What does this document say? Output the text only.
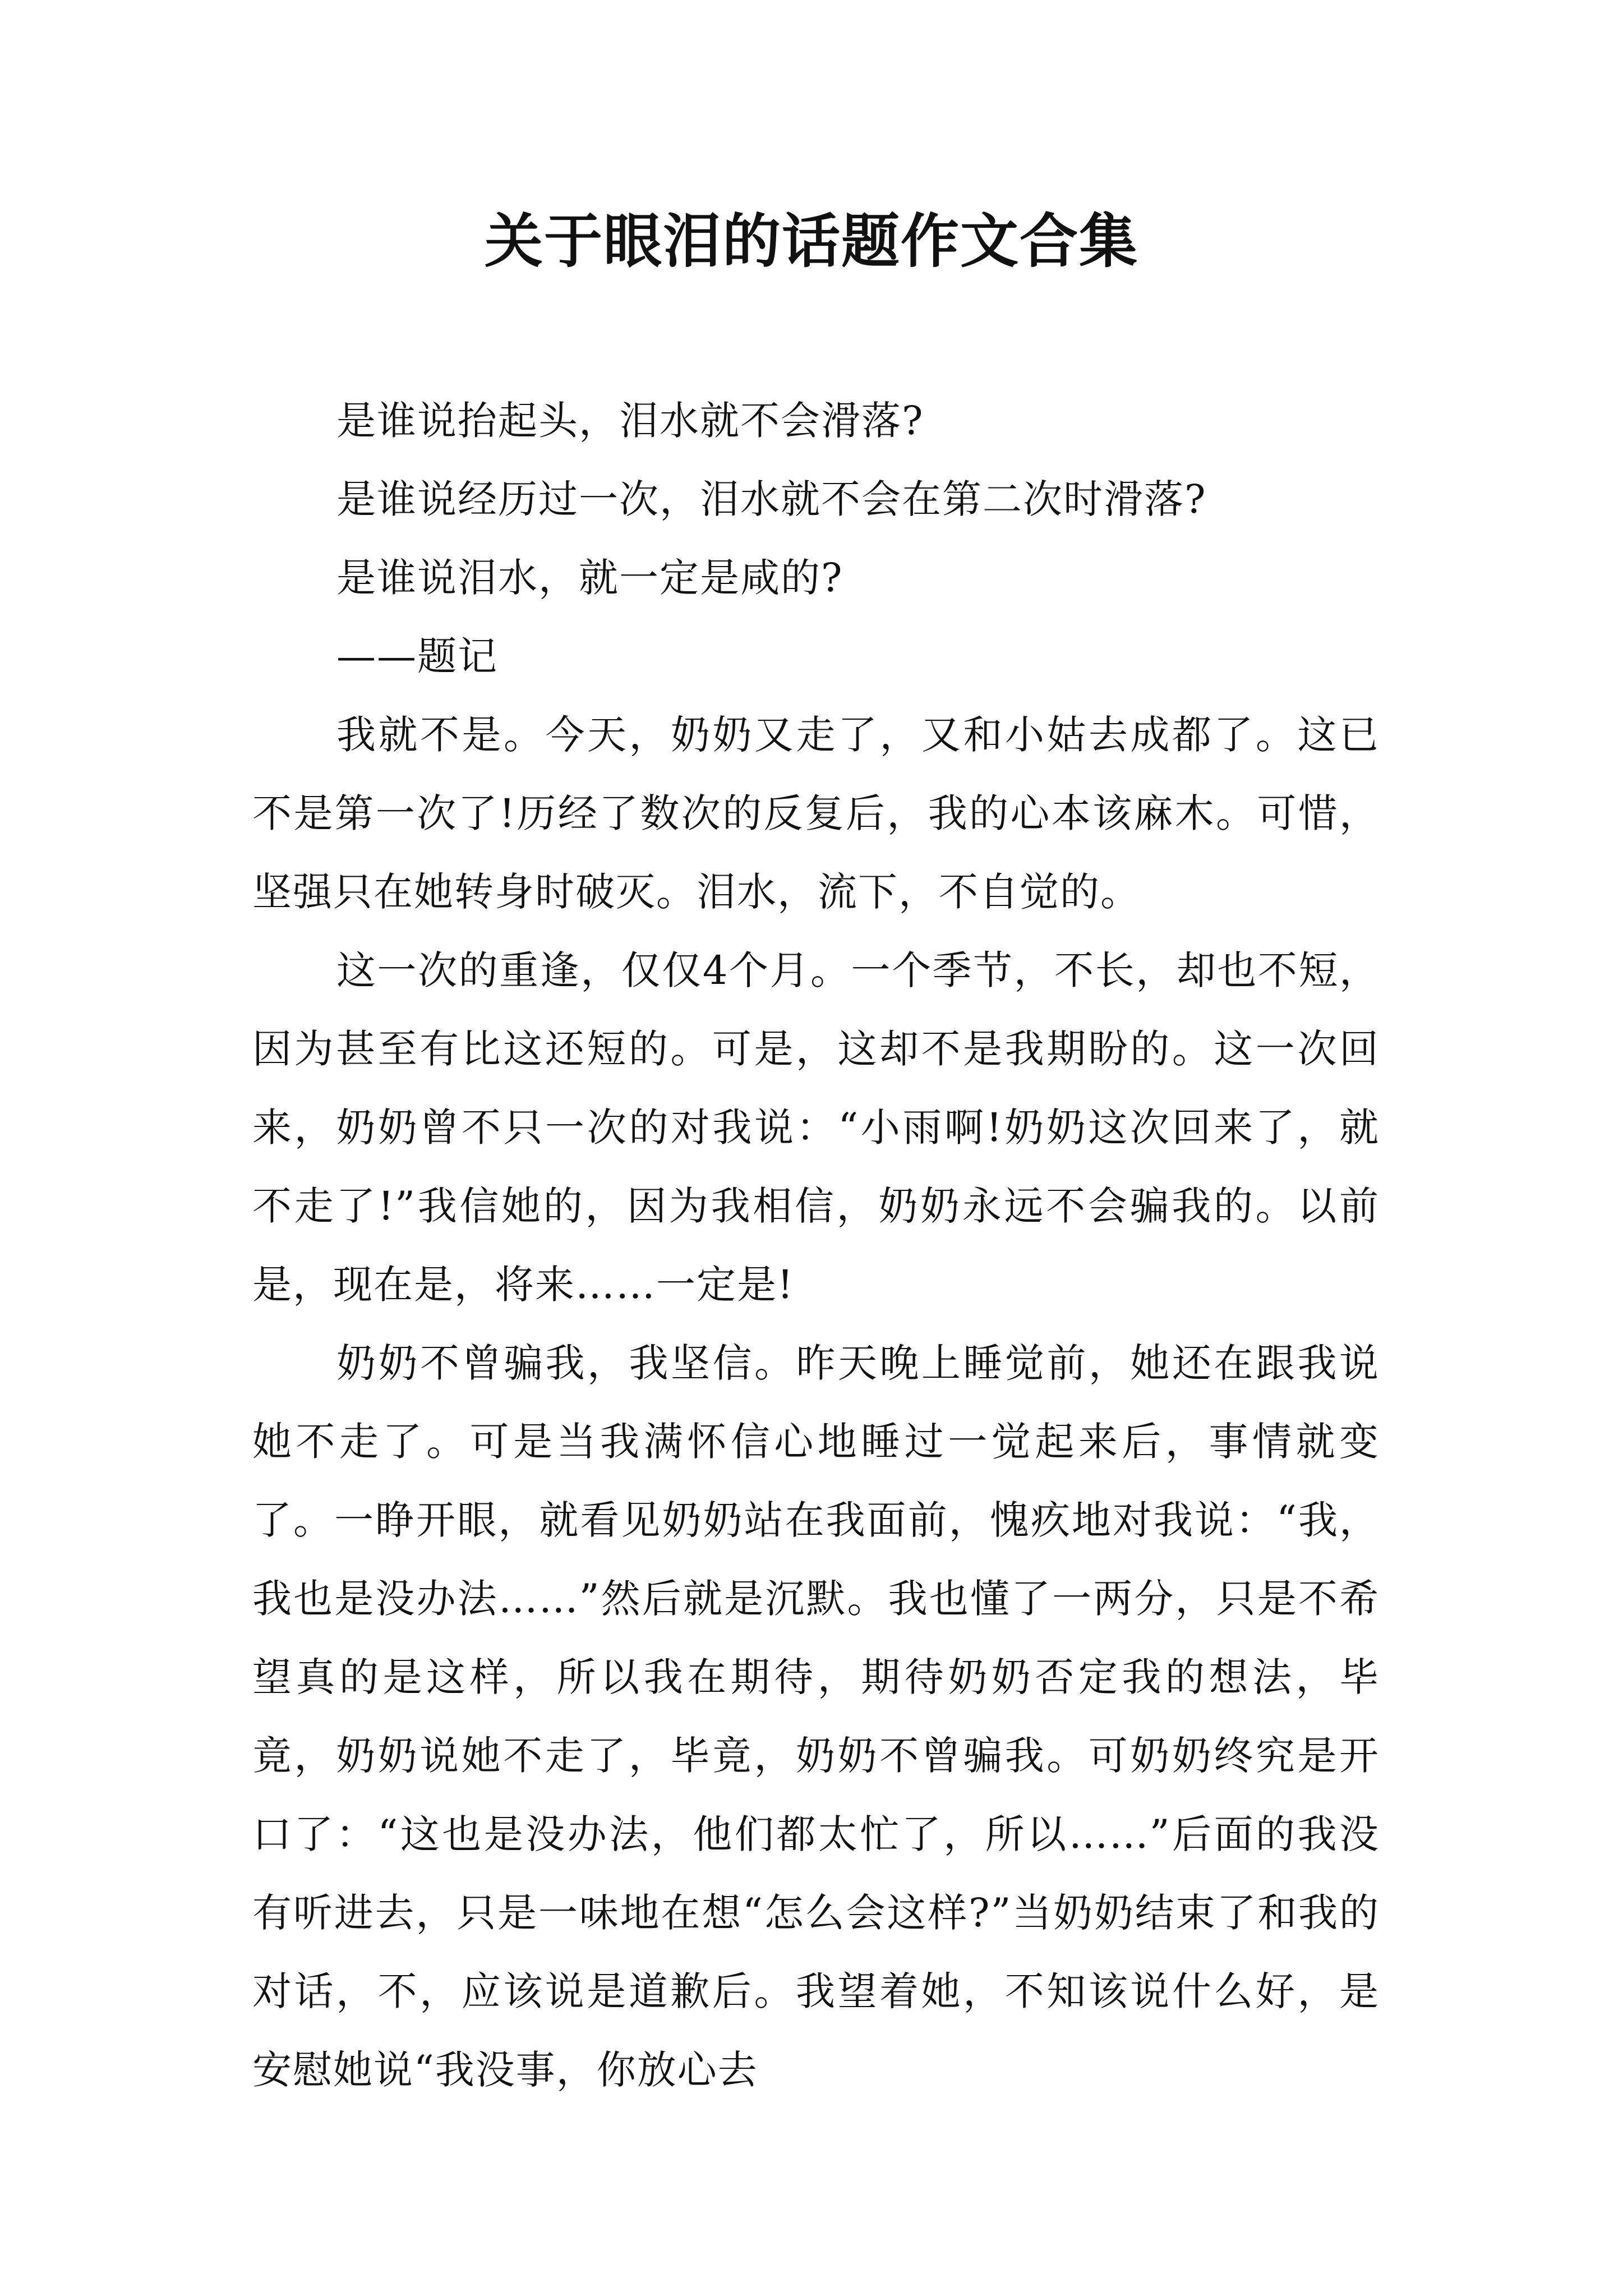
关于眼泪的话题作文合集

是谁说抬起头，泪水就不会滑落?

是谁说经历过一次，泪水就不会在第二次时滑落?

是谁说泪水，就一定是咸的?

——题记

我就不是。今天，奶奶又走了，又和小姑去成都了。这已不是第一次了!历经了数次的反复后，我的心本该麻木。可惜，坚强只在她转身时破灭。泪水，流下，不自觉的。

这一次的重逢，仅仅4个月。一个季节，不长，却也不短，因为甚至有比这还短的。可是，这却不是我期盼的。这一次回来，奶奶曾不只一次的对我说：“小雨啊!奶奶这次回来了，就不走了!”我信她的，因为我相信，奶奶永远不会骗我的。以前是，现在是，将来……一定是!

奶奶不曾骗我，我坚信。昨天晚上睡觉前，她还在跟我说她不走了。可是当我满怀信心地睡过一觉起来后，事情就变了。一睁开眼，就看见奶奶站在我面前，愧疚地对我说：“我，我也是没办法……”然后就是沉默。我也懂了一两分，只是不希望真的是这样，所以我在期待，期待奶奶否定我的想法，毕竟，奶奶说她不走了，毕竟，奶奶不曾骗我。可奶奶终究是开口了：“这也是没办法，他们都太忙了，所以……”后面的我没有听进去，只是一味地在想“怎么会这样?”当奶奶结束了和我的对话，不，应该说是道歉后。我望着她，不知该说什么好，是安慰她说“我没事，你放心去
